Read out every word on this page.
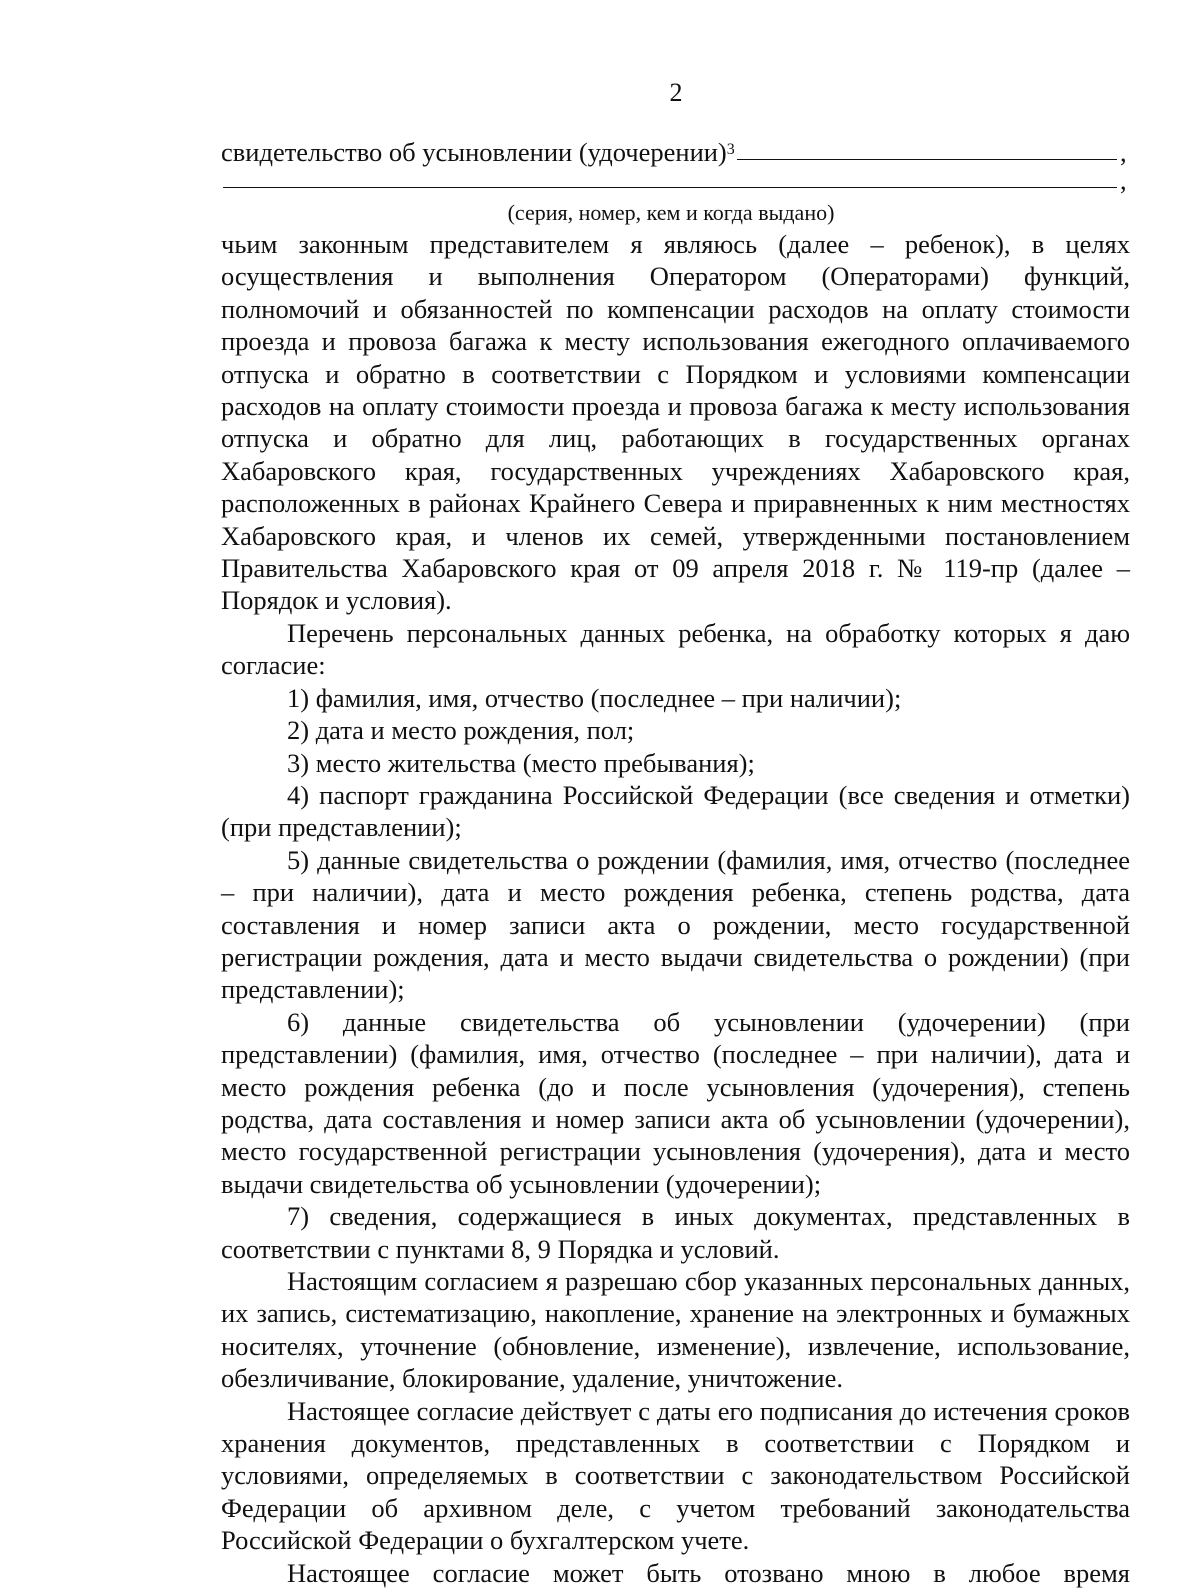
2
свидетельство об усыновлении (удочерении)$^3$	,
,
(серия, номер, кем и когда выдано)

чьим законным представителем я являюсь (далее – ребенок), в целях осуществления и выполнения Оператором (Операторами) функций, полномочий и обязанностей по компенсации расходов на оплату стоимости проезда и провоза багажа к месту использования ежегодного оплачиваемого отпуска и обратно в соответствии с Порядком и условиями компенсации расходов на оплату стоимости проезда и провоза багажа к месту использования отпуска и обратно для лиц, работающих в государственных органах Хабаровского края, государственных учреждениях Хабаровского края, расположенных в районах Крайнего Севера и приравненных к ним местностях Хабаровского края, и членов их семей, утвержденными постановлением Правительства Хабаровского края от 09 апреля 2018 г. № 119-пр (далее – Порядок и условия).

Перечень персональных данных ребенка, на обработку которых я даю согласие:

1) фамилия, имя, отчество (последнее – при наличии);

2) дата и место рождения, пол;

3) место жительства (место пребывания);

4) паспорт гражданина Российской Федерации (все сведения и отметки) (при представлении);

5) данные свидетельства о рождении (фамилия, имя, отчество (последнее – при наличии), дата и место рождения ребенка, степень родства, дата составления и номер записи акта о рождении, место государственной регистрации рождения, дата и место выдачи свидетельства о рождении) (при представлении);

6) данные свидетельства об усыновлении (удочерении) (при представлении) (фамилия, имя, отчество (последнее – при наличии), дата и место рождения ребенка (до и после усыновления (удочерения), степень родства, дата составления и номер записи акта об усыновлении (удочерении), место государственной регистрации усыновления (удочерения), дата и место выдачи свидетельства об усыновлении (удочерении);

7) сведения, содержащиеся в иных документах, представленных в соответствии с пунктами 8, 9 Порядка и условий.

Настоящим согласием я разрешаю сбор указанных персональных данных, их запись, систематизацию, накопление, хранение на электронных и бумажных носителях, уточнение (обновление, изменение), извлечение, использование, обезличивание, блокирование, удаление, уничтожение.

Настоящее согласие действует с даты его подписания до истечения сроков хранения документов, представленных в соответствии с Порядком и условиями, определяемых в соответствии с законодательством Российской Федерации об архивном деле, с учетом требований законодательства Российской Федерации о бухгалтерском учете.

Настоящее согласие может быть отозвано мною в любое время
